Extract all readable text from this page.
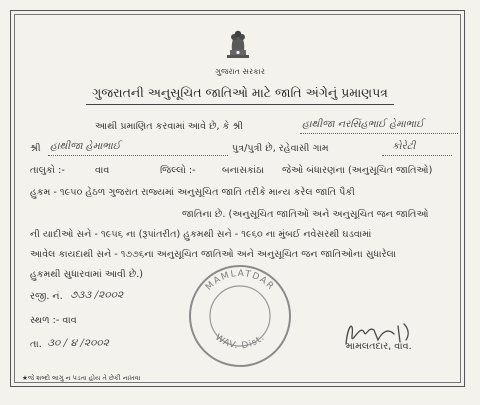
ગુજરાત સરકાર
ગુજરાતની અનુસૂચિત જાતિઓ માટે જાતિ અંગેનું પ્રમાણપત્ર
આથી પ્રમાણિત કરવામાં આવે છે, કે શ્રી	હાથીજા નરસિંહભાઈ હેમાભાઈ
શ્રી હાથીજા હેમાભાઈ	પુત્ર/પુત્રી છે, રહેવાસી ગામ	કોરેટી
તાલુકો :-	વાવ	જિલ્લો :-	બનાસકાંઠા જેઓ બંધારણના (અનુસૂચિત જાતિઓ)
હુકમ - ૧૯૫૦ હેઠળ ગુજરાત રાજ્યમાં અનુસૂચિત જાતિ તરીકે માન્ય કરેલ જાતિ પૈકી
જાતિના છે. (અનુસૂચિત જાતિઓ અને અનુસૂચિત જન જાતિઓ
ની યાદીઓ સને - ૧૯૫૬ ના (રૂપાંતરીત) હુકમથી સને - ૧૯૬૦ ના મુંબઈ નવેસરથી ઘડવામાં
આવેલ કાયદાથી સને - ૧૭૭૬ના અનુસૂચિત જાતિઓ અને અનુસૂચિત જન જાતિઓના સુધારેલા
હુકમથી સુધારવામાં આવી છે.)
MAMLATDAR
WAV. Dist.
રજી. નં. ૭૩૩ /૨૦૦૨
સ્થળ :- વાવ
તા. ૩૦ / ૪ /૨૦૦૨	મામલતદાર, વાવ.
★જે શબ્દો લાગુ ન પડતા હોય તે છેકી નાખવા
